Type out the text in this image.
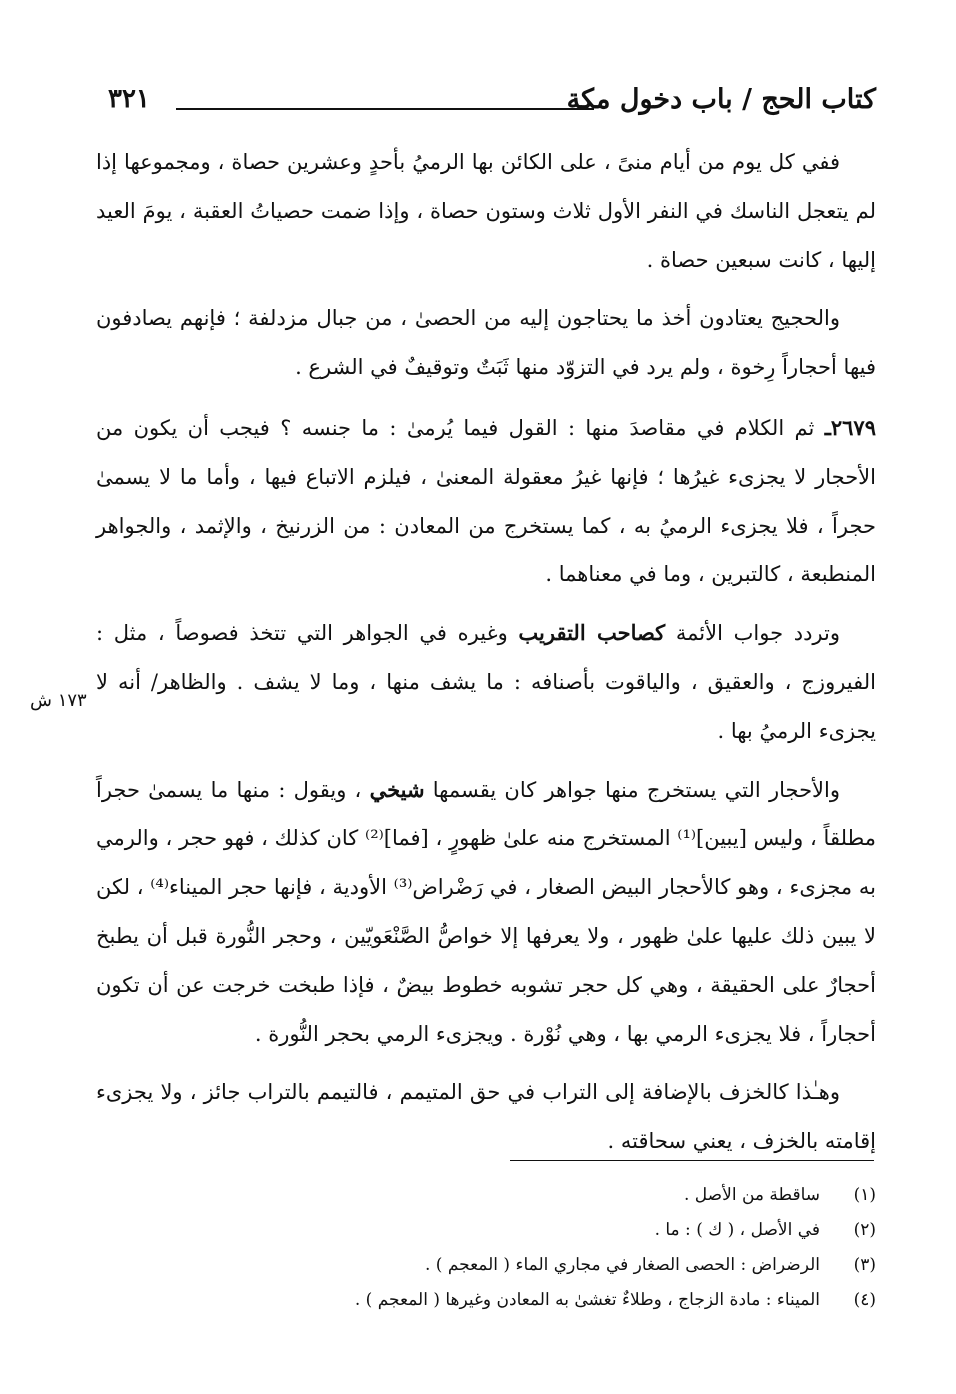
كتاب الحج / باب دخول مكة
٣٢١
١٧٣ ش

ففي كل يوم من أيام منىً ، على الكائن بها الرميُ بأحدٍ وعشرين حصاة ، ومجموعها إذا لم يتعجل الناسك في النفر الأول ثلاث وستون حصاة ، وإذا ضمت حصياتُ العقبة ، يومَ العيد إليها ، كانت سبعين حصاة .

والحجيج يعتادون أخذ ما يحتاجون إليه من الحصىٰ ، من جبال مزدلفة ؛ فإنهم يصادفون فيها أحجاراً رِخوة ، ولم يرد في التزوّد منها ثَبَتٌ وتوقيفٌ في الشرع .

٢٦٧٩ـ ثم الكلام في مقاصدَ منها : القول فيما يُرمىٰ : ما جنسه ؟ فيجب أن يكون من الأحجار لا يجزىء غيرُها ؛ فإنها غيرُ معقولة المعنىٰ ، فيلزم الاتباع فيها ، وأما ما لا يسمىٰ حجراً ، فلا يجزىء الرميُ به ، كما يستخرج من المعادن : من الزرنيخ ، والإثمد ، والجواهر المنطبعة ، كالتبرين ، وما في معناهما .

وتردد جواب الأئمة كصاحب التقريب وغيره في الجواهر التي تتخذ فصوصاً ، مثل : الفيروزج ، والعقيق ، والياقوت بأصنافه : ما يشف منها ، وما لا يشف . والظاهر/ أنه لا يجزىء الرميُ بها .

والأحجار التي يستخرج منها جواهر كان يقسمها شيخي ، ويقول : منها ما يسمىٰ حجراً مطلقاً ، وليس [يبين]⁽¹⁾ المستخرج منه علىٰ ظهورٍ ، [فما]⁽²⁾ كان كذلك ، فهو حجر ، والرمي به مجزىء ، وهو كالأحجار البيض الصغار ، في رَضْراض⁽³⁾ الأودية ، فإنها حجر الميناء⁽⁴⁾ ، لكن لا يبين ذلك عليها علىٰ ظهور ، ولا يعرفها إلا خواصُّ الصَّنْعَويّين ، وحجر النُّورة قبل أن يطبخ أحجارٌ على الحقيقة ، وهي كل حجر تشوبه خطوط بيضٌ ، فإذا طبخت خرجت عن أن تكون أحجاراً ، فلا يجزىء الرمي بها ، وهي نُوْرة . ويجزىء الرمي بحجر النُّورة .

وهـٰذا كالخزف بالإضافة إلى التراب في حق المتيمم ، فالتيمم بالتراب جائز ، ولا يجزىء إقامته بالخزف ، يعني سحاقته .

(١)ساقطة من الأصل .
(٢)في الأصل ، ( ك ) : ما .
(٣)الرضراض : الحصى الصغار في مجاري الماء ( المعجم ) .
(٤)الميناء : مادة الزجاج ، وطلاءٌ تغشىٰ به المعادن وغيرها ( المعجم ) .
